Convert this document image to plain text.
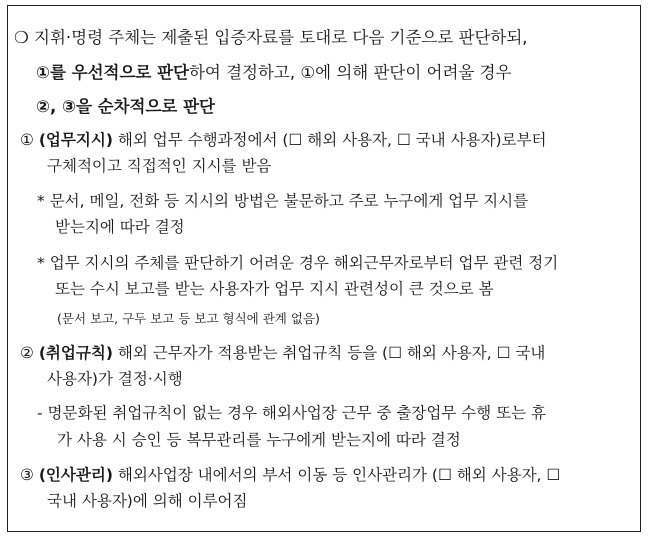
❍ 지휘·명령 주체는 제출된 입증자료를 토대로 다음 기준으로 판단하되,
①를 우선적으로 판단하여 결정하고, ①에 의해 판단이 어려울 경우
②, ③을 순차적으로 판단
① (업무지시) 해외 업무 수행과정에서 (☐ 해외 사용자, ☐ 국내 사용자)로부터
구체적이고 직접적인 지시를 받음
* 문서, 메일, 전화 등 지시의 방법은 불문하고 주로 누구에게 업무 지시를
받는지에 따라 결정
* 업무 지시의 주체를 판단하기 어려운 경우 해외근무자로부터 업무 관련 정기
또는 수시 보고를 받는 사용자가 업무 지시 관련성이 큰 것으로 봄
(문서 보고, 구두 보고 등 보고 형식에 관계 없음)
② (취업규칙) 해외 근무자가 적용받는 취업규칙 등을 (☐ 해외 사용자, ☐ 국내
사용자)가 결정·시행
- 명문화된 취업규칙이 없는 경우 해외사업장 근무 중 출장업무 수행 또는 휴
가 사용 시 승인 등 복무관리를 누구에게 받는지에 따라 결정
③ (인사관리) 해외사업장 내에서의 부서 이동 등 인사관리가 (☐ 해외 사용자, ☐
국내 사용자)에 의해 이루어짐
